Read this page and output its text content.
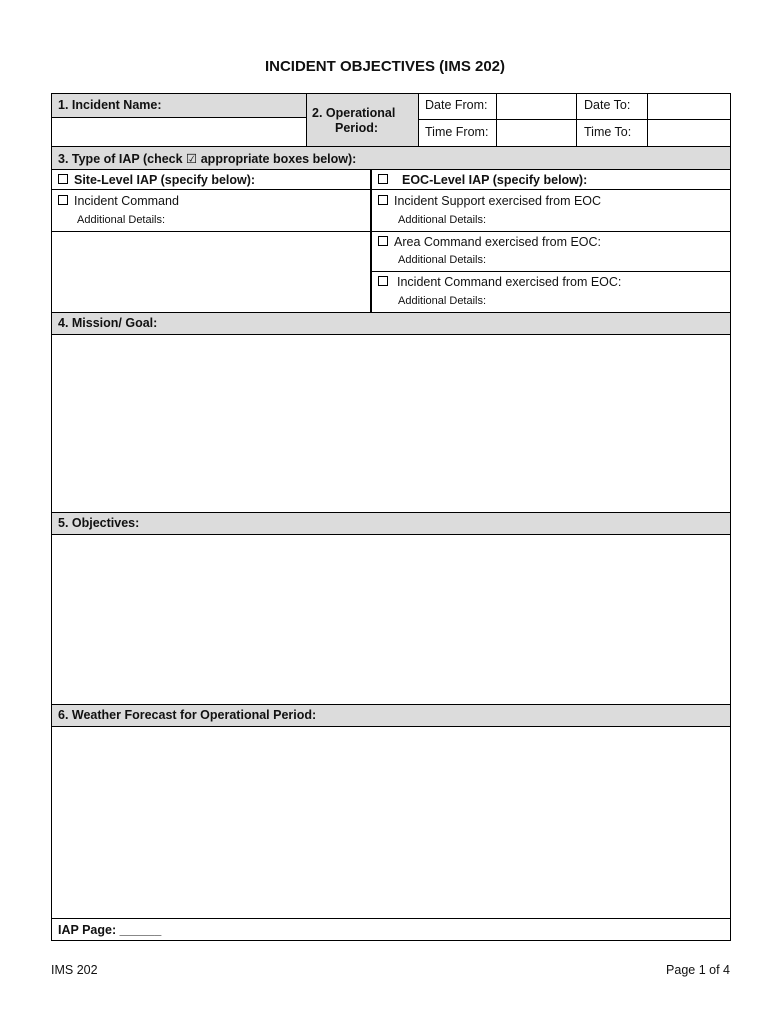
INCIDENT OBJECTIVES (IMS 202)
1. Incident Name:
2. Operational
Period:
Date From:	Date To:
Time From:	Time To:
3. Type of IAP (check ☑ appropriate boxes below):
Site-Level IAP (specify below):	EOC-Level IAP (specify below):
Incident Command
Additional Details:
Incident Support exercised from EOC
Additional Details:
Area Command exercised from EOC:
Additional Details:
Incident Command exercised from EOC:
Additional Details:
4. Mission/ Goal:
5. Objectives:
6. Weather Forecast for Operational Period:
IAP Page: ______
IMS 202	Page 1 of 4
